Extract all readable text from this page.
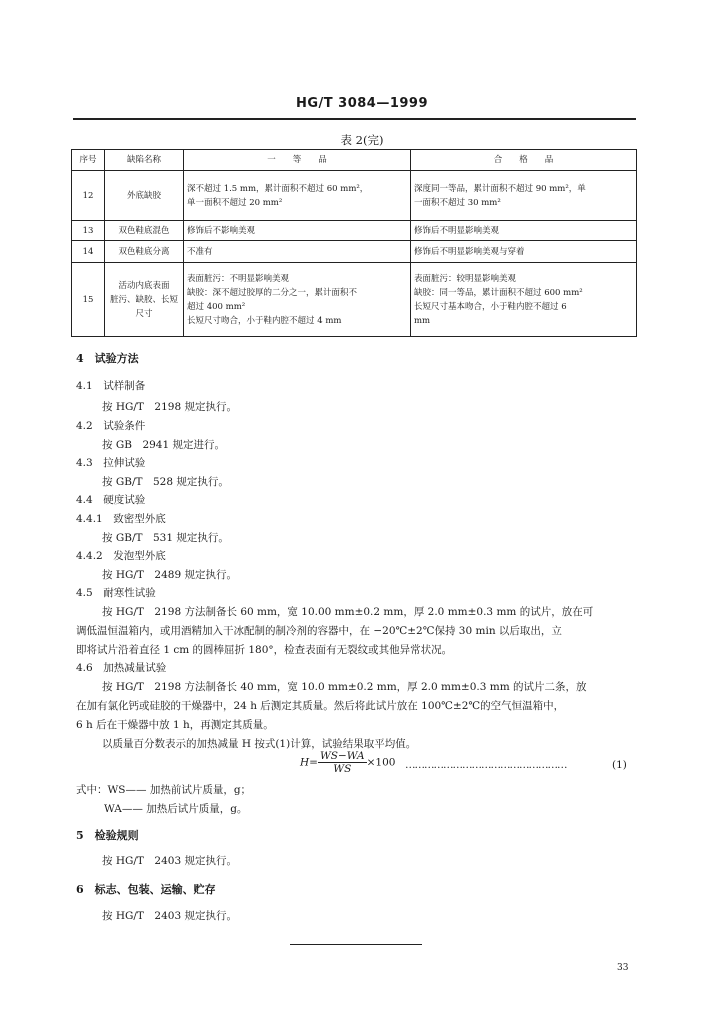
HG/T 3084—1999
表 2(完)
序号	缺陷名称	一　　等　　品	合　　格　　品
12	外底缺胶	深不超过 1.5 mm，累计面积不超过 60 mm²，
单一面积不超过 20 mm²	深度同一等品，累计面积不超过 90 mm²，单
一面积不超过 30 mm²

13	双色鞋底混色	修饰后不影响美观	修饰后不明显影响美观

14	双色鞋底分离	不准有	修饰后不明显影响美观与穿着

15	活动内底表面
脏污、缺胶、长短
尺寸	表面脏污：不明显影响美观
缺胶：深不超过胶厚的二分之一，累计面积不
超过 400 mm²
长短尺寸吻合，小于鞋内腔不超过 4 mm	表面脏污：较明显影响美观
缺胶：同一等品，累计面积不超过 600 mm²
长短尺寸基本吻合，小于鞋内腔不超过 6
mm
4　试验方法
4.1　试样制备
按 HG/T　2198 规定执行。
4.2　试验条件
按 GB　2941 规定进行。
4.3　拉伸试验
按 GB/T　528 规定执行。
4.4　硬度试验
4.4.1　致密型外底
按 GB/T　531 规定执行。
4.4.2　发泡型外底
按 HG/T　2489 规定执行。
4.5　耐寒性试验
按 HG/T　2198 方法制备长 60 mm，宽 10.00 mm±0.2 mm，厚 2.0 mm±0.3 mm 的试片，放在可
调低温恒温箱内，或用酒精加入干冰配制的制冷剂的容器中，在 −20℃±2℃保持 30 min 以后取出，立
即将试片沿着直径 1 cm 的圆棒屈折 180°，检查表面有无裂纹或其他异常状况。
4.6　加热减量试验
按 HG/T　2198 方法制备长 40 mm，宽 10.0 mm±0.2 mm，厚 2.0 mm±0.3 mm 的试片二条，放
在加有氯化钙或硅胶的干燥器中，24 h 后测定其质量。然后将此试片放在 100℃±2℃的空气恒温箱中，
6 h 后在干燥器中放 1 h，再测定其质量。
以质量百分数表示的加热减量 H 按式(1)计算，试验结果取平均值。
$H= \frac{WS-WA}{WS} \times 100$ ……………………………………………	(1)
式中：WS—— 加热前试片质量，g；
WA—— 加热后试片质量，g。
5　检验规则
按 HG/T　2403 规定执行。
6　标志、包装、运输、贮存
按 HG/T　2403 规定执行。
33
